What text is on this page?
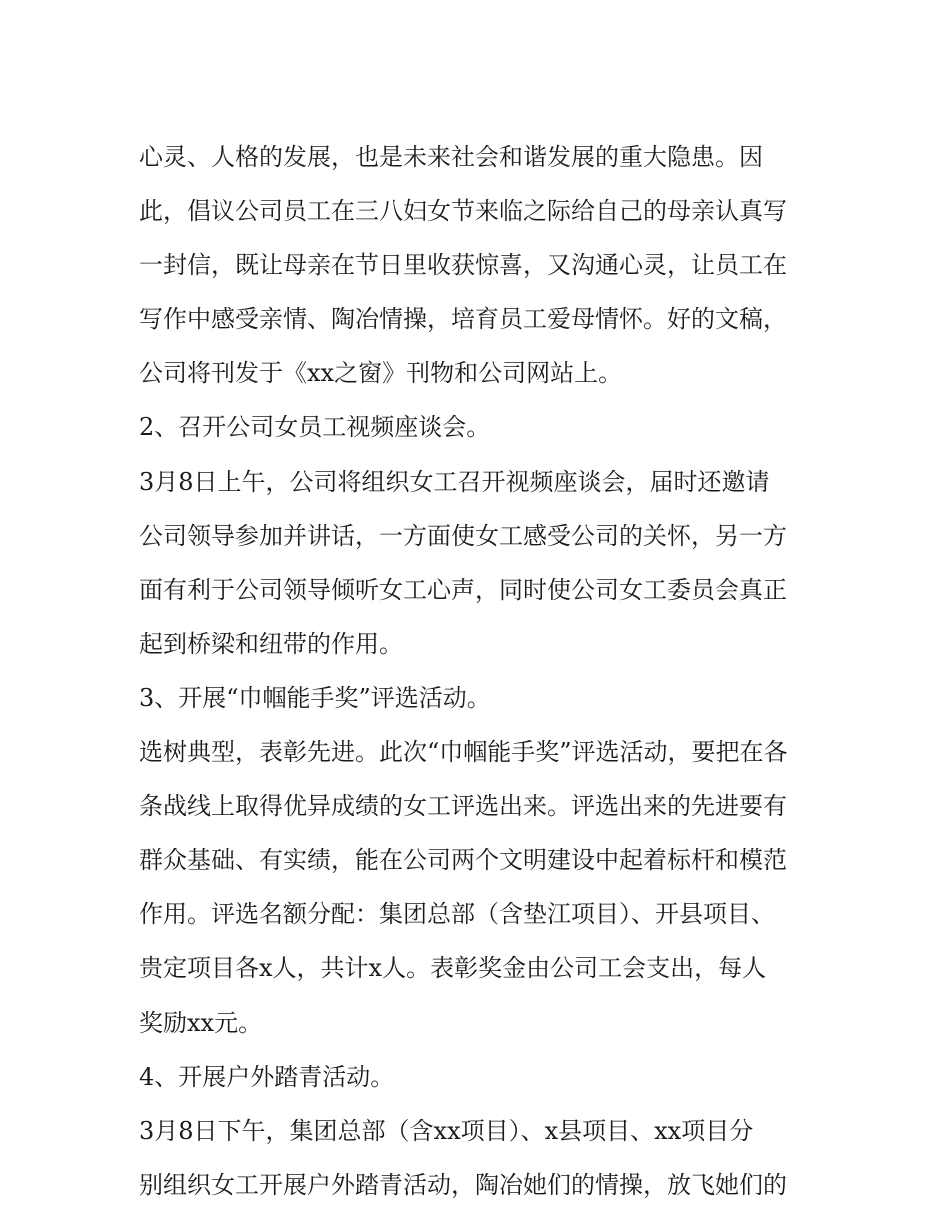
心灵、人格的发展，也是未来社会和谐发展的重大隐患。因
此，倡议公司员工在三八妇女节来临之际给自己的母亲认真写
一封信，既让母亲在节日里收获惊喜，又沟通心灵，让员工在
写作中感受亲情、陶冶情操，培育员工爱母情怀。好的文稿，
公司将刊发于《xx之窗》刊物和公司网站上。
2、召开公司女员工视频座谈会。
3月8日上午，公司将组织女工召开视频座谈会，届时还邀请
公司领导参加并讲话，一方面使女工感受公司的关怀，另一方
面有利于公司领导倾听女工心声，同时使公司女工委员会真正
起到桥梁和纽带的作用。
3、开展“巾帼能手奖”评选活动。
选树典型，表彰先进。此次“巾帼能手奖”评选活动，要把在各
条战线上取得优异成绩的女工评选出来。评选出来的先进要有
群众基础、有实绩，能在公司两个文明建设中起着标杆和模范
作用。评选名额分配：集团总部（含垫江项目）、开县项目、
贵定项目各x人，共计x人。表彰奖金由公司工会支出，每人
奖励xx元。
4、开展户外踏青活动。
3月8日下午，集团总部（含xx项目）、x县项目、xx项目分
别组织女工开展户外踏青活动，陶冶她们的情操，放飞她们的
